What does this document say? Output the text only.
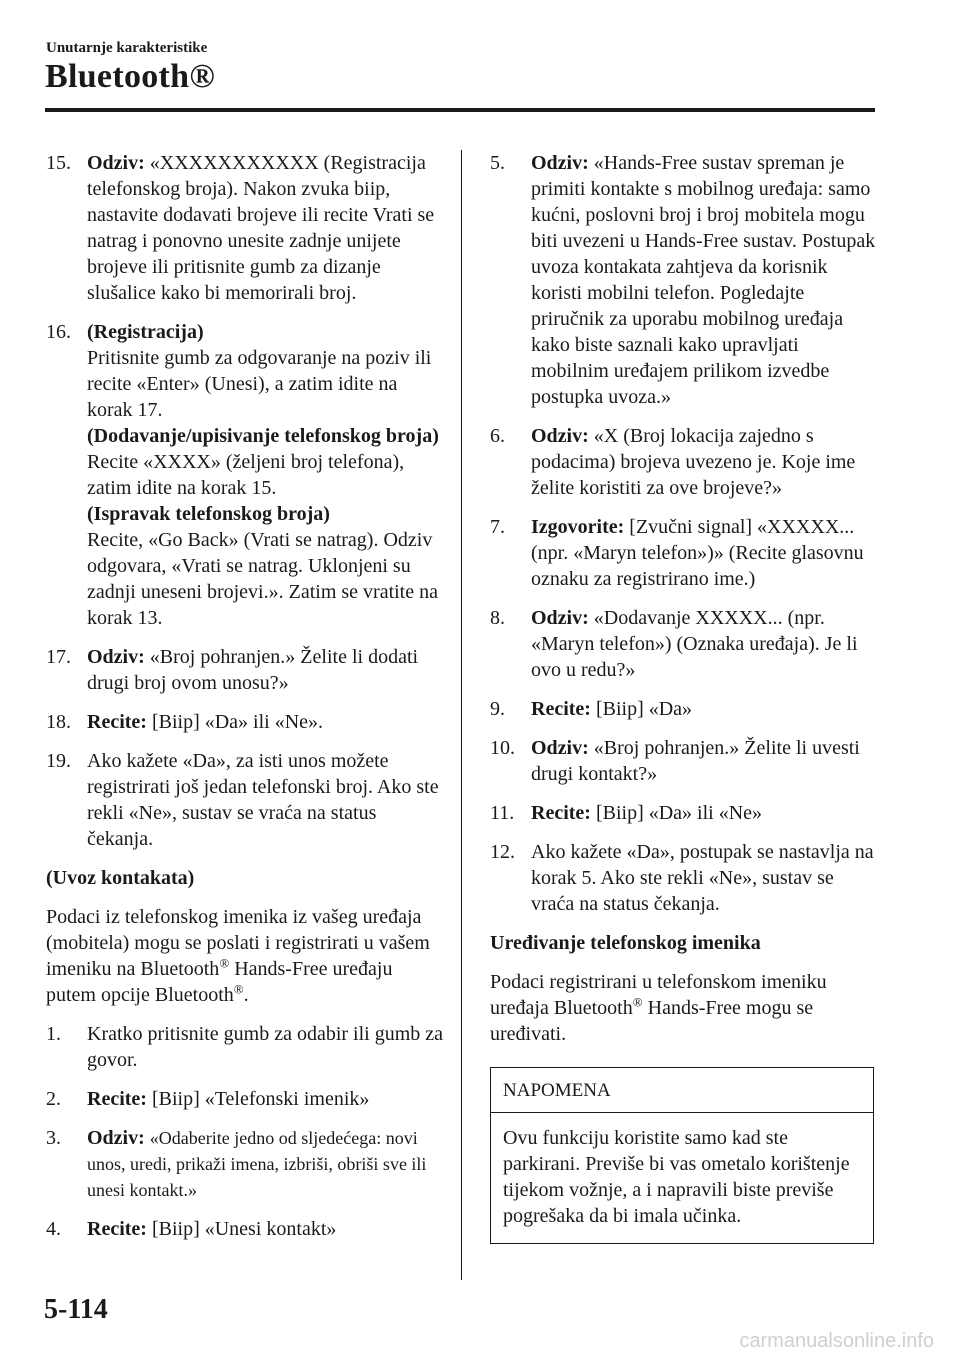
Unutarnje karakteristike
Bluetooth®
15. Odziv: «XXXXXXXXXXX (Registracija telefonskog broja). Nakon zvuka biip, nastavite dodavati brojeve ili recite Vrati se natrag i ponovno unesite zadnje unijete brojeve ili pritisnite gumb za dizanje slušalice kako bi memorirali broj.
16. (Registracija)
Pritisnite gumb za odgovaranje na poziv ili recite «Enter» (Unesi), a zatim idite na korak 17.
(Dodavanje/upisivanje telefonskog broja)
Recite «XXXX» (željeni broj telefona), zatim idite na korak 15.
(Ispravak telefonskog broja)
Recite, «Go Back» (Vrati se natrag). Odziv odgovara, «Vrati se natrag. Uklonjeni su zadnji uneseni brojevi.». Zatim se vratite na korak 13.
17. Odziv: «Broj pohranjen.» Želite li dodati drugi broj ovom unosu?»
18. Recite: [Biip] «Da» ili «Ne».
19. Ako kažete «Da», za isti unos možete registrirati još jedan telefonski broj. Ako ste rekli «Ne», sustav se vraća na status čekanja.
(Uvoz kontakata)
Podaci iz telefonskog imenika iz vašeg uređaja (mobitela) mogu se poslati i registrirati u vašem imeniku na Bluetooth® Hands-Free uređaju putem opcije Bluetooth®.
1.	Kratko pritisnite gumb za odabir ili gumb za govor.
2.	Recite: [Biip] «Telefonski imenik»
3.	Odziv: «Odaberite jedno od sljedećega: novi unos, uredi, prikaži imena, izbriši, obriši sve ili unesi kontakt.»
4.	Recite: [Biip] «Unesi kontakt»
5.	Odziv: «Hands-Free sustav spreman je primiti kontakte s mobilnog uređaja: samo kućni, poslovni broj i broj mobitela mogu biti uvezeni u Hands-Free sustav. Postupak uvoza kontakata zahtjeva da korisnik koristi mobilni telefon. Pogledajte priručnik za uporabu mobilnog uređaja kako biste saznali kako upravljati mobilnim uređajem prilikom izvedbe postupka uvoza.»
6.	Odziv: «X (Broj lokacija zajedno s podacima) brojeva uvezeno je. Koje ime želite koristiti za ove brojeve?»
7.	Izgovorite: [Zvučni signal] «XXXXX... (npr. «Maryn telefon»)» (Recite glasovnu oznaku za registrirano ime.)
8.	Odziv: «Dodavanje XXXXX... (npr. «Maryn telefon») (Oznaka uređaja). Je li ovo u redu?»
9.	Recite: [Biip] «Da»
10. Odziv: «Broj pohranjen.» Želite li uvesti drugi kontakt?»
11. Recite: [Biip] «Da» ili «Ne»
12. Ako kažete «Da», postupak se nastavlja na korak 5. Ako ste rekli «Ne», sustav se vraća na status čekanja.
Uređivanje telefonskog imenika
Podaci registrirani u telefonskom imeniku uređaja Bluetooth® Hands-Free mogu se uređivati.
NAPOMENA
Ovu funkciju koristite samo kad ste parkirani. Previše bi vas ometalo korištenje tijekom vožnje, a i napravili biste previše pogrešaka da bi imala učinka.
5-114
carmanualsonline.info
